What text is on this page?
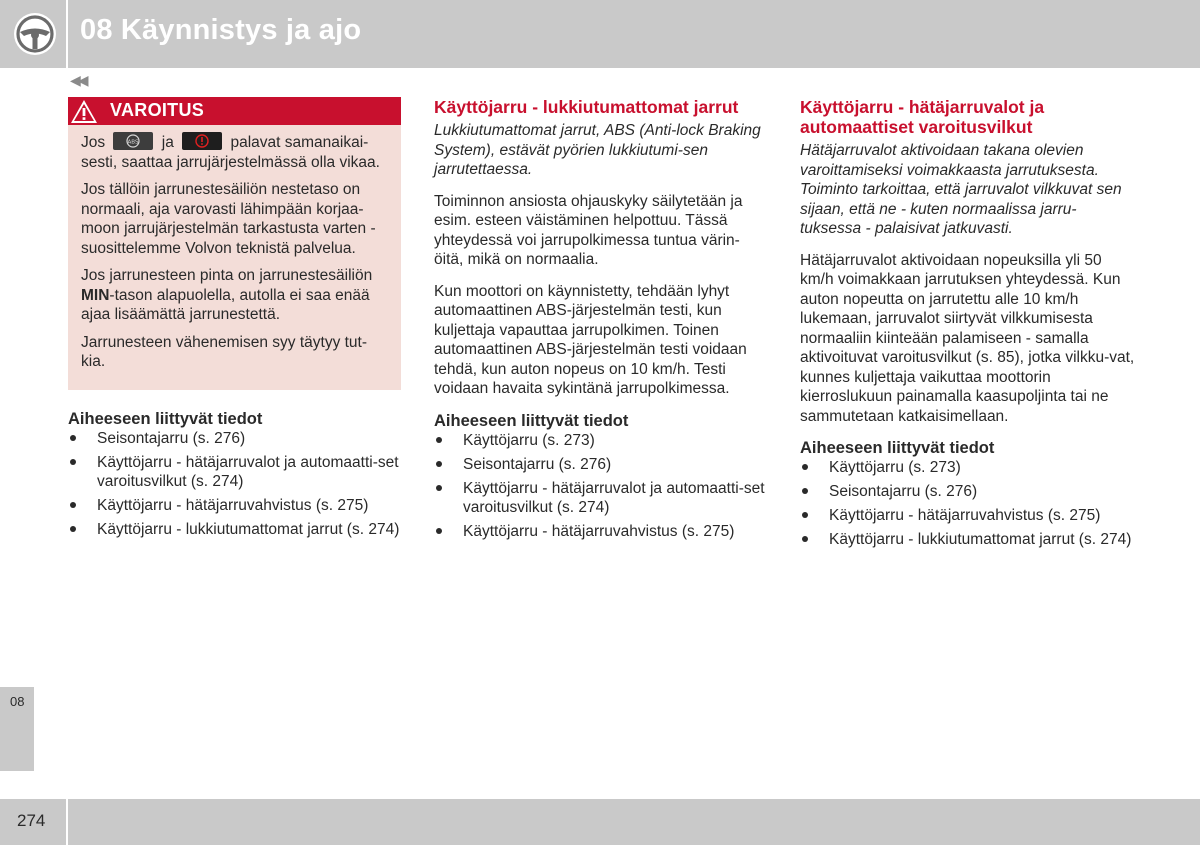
08 Käynnistys ja ajo
◀◀
VAROITUS

Jos	ABS ja	palavat samanaikai-sesti, saattaa jarrujärjestelmässä olla vikaa.

Jos tällöin jarrunestesäiliön nestetaso on normaali, aja varovasti lähimpään korjaa-moon jarrujärjestelmän tarkastusta varten - suosittelemme Volvon teknistä palvelua.

Jos jarrunesteen pinta on jarrunestesäiliön MIN-tason alapuolella, autolla ei saa enää ajaa lisäämättä jarrunestettä.

Jarrunesteen vähenemisen syy täytyy tut-kia.

Aiheeseen liittyvät tiedot
Seisontajarru (s. 276)
Käyttöjarru - hätäjarruvalot ja automaatti-set varoitusvilkut (s. 274)
Käyttöjarru - hätäjarruvahvistus (s. 275)
Käyttöjarru - lukkiutumattomat jarrut (s. 274)
Käyttöjarru - lukkiutumattomat jarrut

Lukkiutumattomat jarrut, ABS (Anti-lock Braking System), estävät pyörien lukkiutumi-sen jarrutettaessa.

Toiminnon ansiosta ohjauskyky säilytetään ja esim. esteen väistäminen helpottuu. Tässä yhteydessä voi jarrupolkimessa tuntua värin-öitä, mikä on normaalia.

Kun moottori on käynnistetty, tehdään lyhyt automaattinen ABS-järjestelmän testi, kun kuljettaja vapauttaa jarrupolkimen. Toinen automaattinen ABS-järjestelmän testi voidaan tehdä, kun auton nopeus on 10 km/h. Testi voidaan havaita sykintänä jarrupolkimessa.

Aiheeseen liittyvät tiedot
Käyttöjarru (s. 273)
Seisontajarru (s. 276)
Käyttöjarru - hätäjarruvalot ja automaatti-set varoitusvilkut (s. 274)
Käyttöjarru - hätäjarruvahvistus (s. 275)
Käyttöjarru - hätäjarruvalot ja automaattiset varoitusvilkut

Hätäjarruvalot aktivoidaan takana olevien varoittamiseksi voimakkaasta jarrutuksesta. Toiminto tarkoittaa, että jarruvalot vilkkuvat sen sijaan, että ne - kuten normaalissa jarru-tuksessa - palaisivat jatkuvasti.

Hätäjarruvalot aktivoidaan nopeuksilla yli 50 km/h voimakkaan jarrutuksen yhteydessä. Kun auton nopeutta on jarrutettu alle 10 km/h lukemaan, jarruvalot siirtyvät vilkkumisesta normaaliin kiinteään palamiseen - samalla aktivoituvat varoitusvilkut (s. 85), jotka vilkku-vat, kunnes kuljettaja vaikuttaa moottorin kierroslukuun painamalla kaasupoljinta tai ne sammutetaan katkaisimellaan.

Aiheeseen liittyvät tiedot
Käyttöjarru (s. 273)
Seisontajarru (s. 276)
Käyttöjarru - hätäjarruvahvistus (s. 275)
Käyttöjarru - lukkiutumattomat jarrut (s. 274)
08
274
